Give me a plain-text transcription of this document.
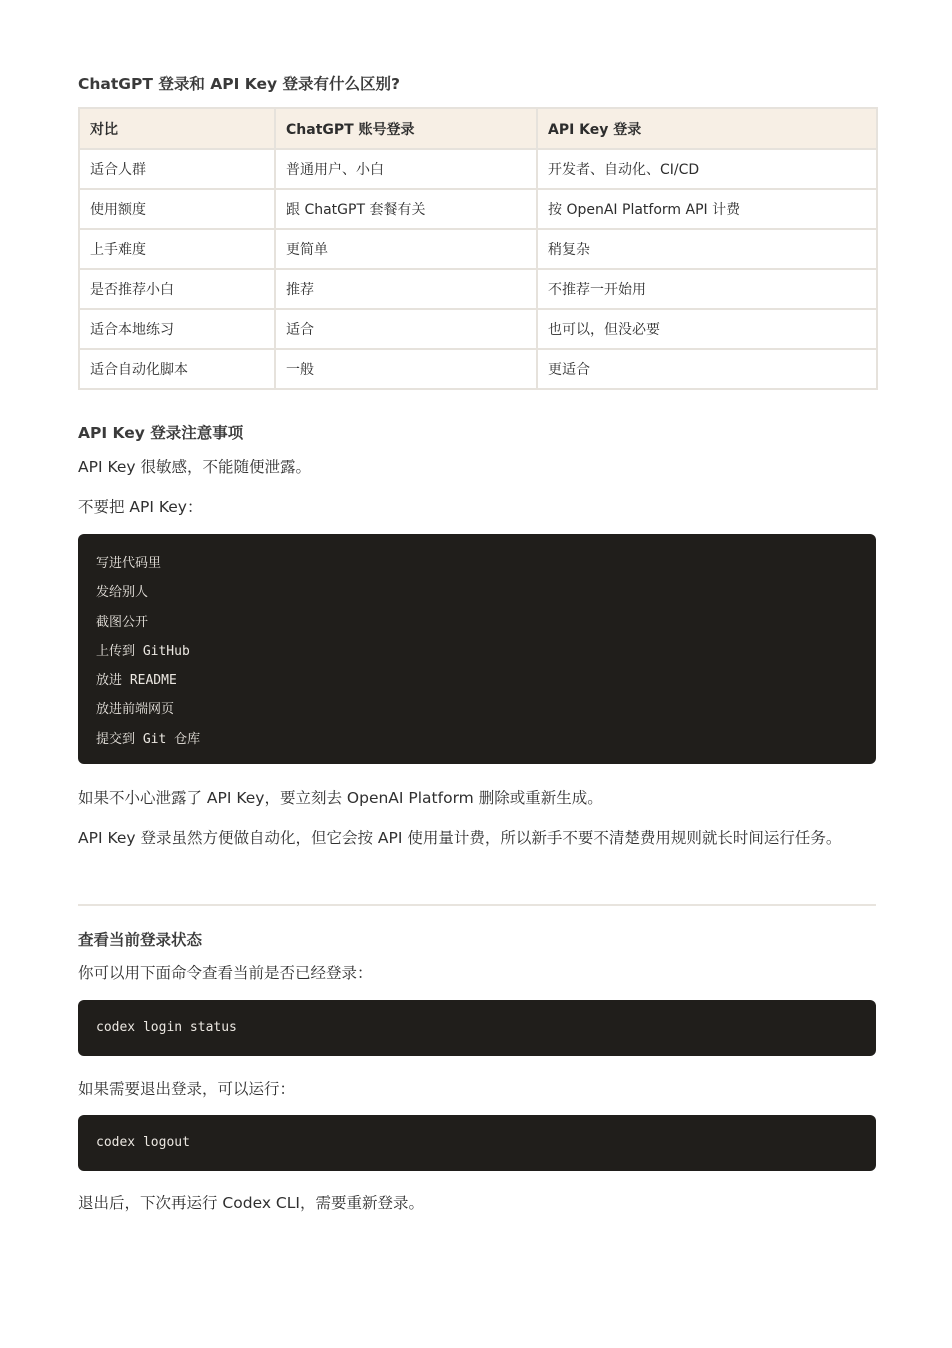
ChatGPT 登录和 API Key 登录有什么区别?
对比	ChatGPT 账号登录	API Key 登录
适合人群	普通用户、小白	开发者、自动化、CI/CD
使用额度	跟 ChatGPT 套餐有关	按 OpenAI Platform API 计费
上手难度	更简单	稍复杂
是否推荐小白	推荐	不推荐一开始用
适合本地练习	适合	也可以，但没必要
适合自动化脚本	一般	更适合
API Key 登录注意事项

API Key 很敏感，不能随便泄露。

不要把 API Key：

写进代码里
发给别人
截图公开
上传到 GitHub
放进 README
放进前端网页
提交到 Git 仓库

如果不小心泄露了 API Key，要立刻去 OpenAI Platform 删除或重新生成。

API Key 登录虽然方便做自动化，但它会按 API 使用量计费，所以新手不要不清楚费用规则就长时间运行任务。

查看当前登录状态

你可以用下面命令查看当前是否已经登录：

codex login status

如果需要退出登录，可以运行：

codex logout

退出后，下次再运行 Codex CLI，需要重新登录。
